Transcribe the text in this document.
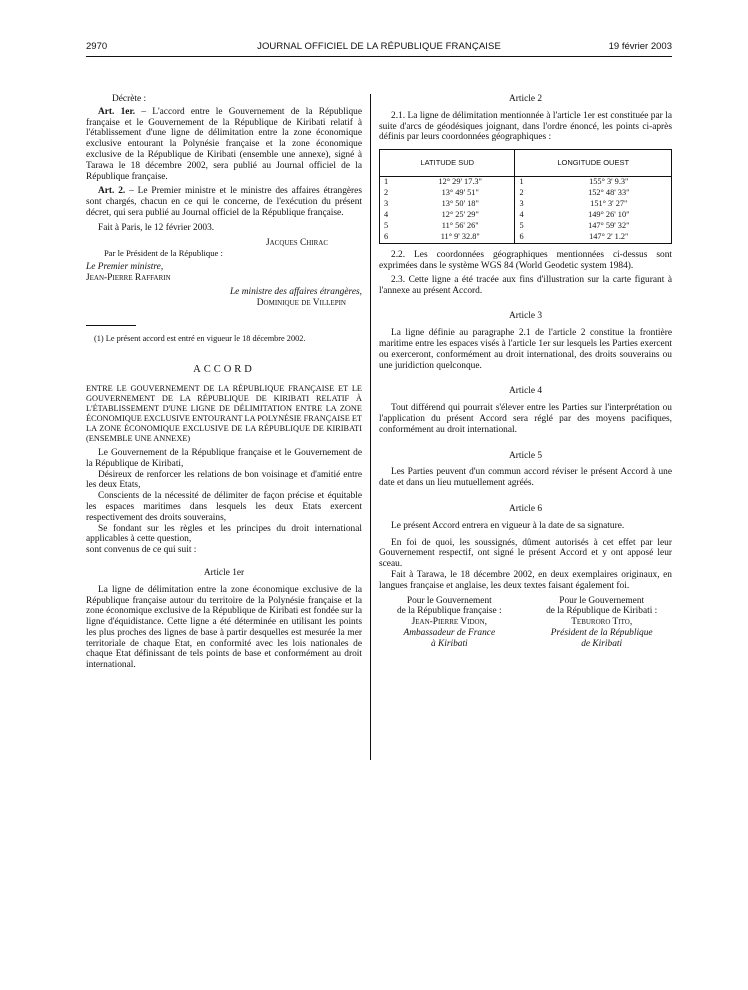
2970	JOURNAL OFFICIEL DE LA RÉPUBLIQUE FRANÇAISE	19 février 2003

Décrète :

Art. 1er. – L'accord entre le Gouvernement de la République française et le Gouvernement de la République de Kiribati relatif à l'établissement d'une ligne de délimitation entre la zone économique exclusive entourant la Polynésie française et la zone économique exclusive de la République de Kiribati (ensemble une annexe), signé à Tarawa le 18 décembre 2002, sera publié au Journal officiel de la République française.

Art. 2. – Le Premier ministre et le ministre des affaires étrangères sont chargés, chacun en ce qui le concerne, de l'exécution du présent décret, qui sera publié au Journal officiel de la République française.

Fait à Paris, le 12 février 2003.

Jacques Chirac

Par le Président de la République :

Le Premier ministre,

Jean-Pierre Raffarin

Le ministre des affaires étrangères,

Dominique de Villepin

(1) Le présent accord est entré en vigueur le 18 décembre 2002.

ACCORD

ENTRE LE GOUVERNEMENT DE LA RÉPUBLIQUE FRANÇAISE ET LE GOUVERNEMENT DE LA RÉPUBLIQUE DE KIRIBATI RELATIF À L'ÉTABLISSEMENT D'UNE LIGNE DE DÉLIMITATION ENTRE LA ZONE ÉCONOMIQUE EXCLUSIVE ENTOURANT LA POLYNÉSIE FRANÇAISE ET LA ZONE ÉCONOMIQUE EXCLUSIVE DE LA RÉPUBLIQUE DE KIRIBATI (ENSEMBLE UNE ANNEXE)

Le Gouvernement de la République française et le Gouvernement de la République de Kiribati,

Désireux de renforcer les relations de bon voisinage et d'amitié entre les deux Etats,

Conscients de la nécessité de délimiter de façon précise et équitable les espaces maritimes dans lesquels les deux Etats exercent respectivement des droits souverains,

Se fondant sur les règles et les principes du droit international applicables à cette question,

sont convenus de ce qui suit :

Article 1er

La ligne de délimitation entre la zone économique exclusive de la République française autour du territoire de la Polynésie française et la zone économique exclusive de la République de Kiribati est fondée sur la ligne d'équidistance. Cette ligne a été déterminée en utilisant les points les plus proches des lignes de base à partir desquelles est mesurée la mer territoriale de chaque Etat, en conformité avec les lois nationales de chaque Etat définissant de tels points de base et conformément au droit international.

Article 2

2.1. La ligne de délimitation mentionnée à l'article 1er est constituée par la suite d'arcs de géodésiques joignant, dans l'ordre énoncé, les points ci-après définis par leurs coordonnées géographiques :

LATITUDE SUD		LONGITUDE OUEST	
1	12° 29' 17.3"	1	155° 3' 9.3"
2	13° 49' 51"	2	152° 48' 33"
3	13° 50' 18"	3	151° 3' 27"
4	12° 25' 29"	4	149° 26' 10"
5	11° 56' 26"	5	147° 59' 32"
6	11° 9' 32.8"	6	147° 2' 1.2"

2.2. Les coordonnées géographiques mentionnées ci-dessus sont exprimées dans le système WGS 84 (World Geodetic system 1984).

2.3. Cette ligne a été tracée aux fins d'illustration sur la carte figurant à l'annexe au présent Accord.

Article 3

La ligne définie au paragraphe 2.1 de l'article 2 constitue la frontière maritime entre les espaces visés à l'article 1er sur lesquels les Parties exercent ou exerceront, conformément au droit international, des droits souverains ou une juridiction quelconque.

Article 4

Tout différend qui pourrait s'élever entre les Parties sur l'interprétation ou l'application du présent Accord sera réglé par des moyens pacifiques, conformément au droit international.

Article 5

Les Parties peuvent d'un commun accord réviser le présent Accord à une date et dans un lieu mutuellement agréés.

Article 6

Le présent Accord entrera en vigueur à la date de sa signature.

En foi de quoi, les soussignés, dûment autorisés à cet effet par leur Gouvernement respectif, ont signé le présent Accord et y ont apposé leur sceau.

Fait à Tarawa, le 18 décembre 2002, en deux exemplaires originaux, en langues française et anglaise, les deux textes faisant également foi.

Pour le Gouvernement

de la République française :

Jean-Pierre Vidon,

Ambassadeur de France

à Kiribati

Pour le Gouvernement

de la République de Kiribati :

Teburoro Tito,

Président de la République

de Kiribati
